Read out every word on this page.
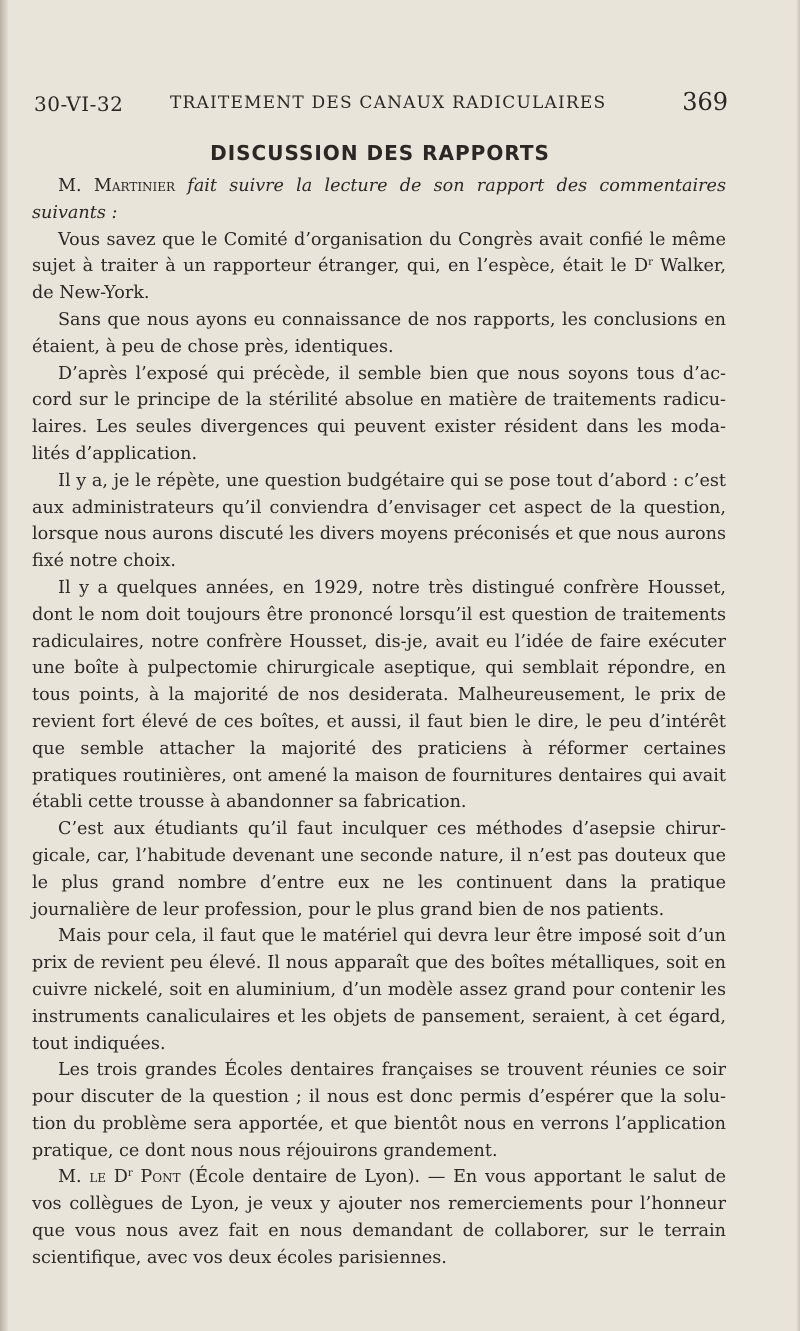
30-VI-32	TRAITEMENT DES CANAUX RADICULAIRES	369
DISCUSSION DES RAPPORTS

M. Martinier fait suivre la lecture de son rapport des commentaires suivants :

Vous savez que le Comité d’organisation du Congrès avait confié le même sujet à traiter à un rapporteur étranger, qui, en l’espèce, était le $D^r$ Walker, de New-York.

Sans que nous ayons eu connaissance de nos rapports, les conclusions en étaient, à peu de chose près, identiques.

D’après l’exposé qui précède, il semble bien que nous soyons tous d’accord sur le principe de la stérilité absolue en matière de traitements radiculaires. Les seules divergences qui peuvent exister résident dans les modalités d’application.

Il y a, je le répète, une question budgétaire qui se pose tout d’abord : c’est aux administrateurs qu’il conviendra d’envisager cet aspect de la question, lorsque nous aurons discuté les divers moyens préconisés et que nous aurons fixé notre choix.

Il y a quelques années, en 1929, notre très distingué confrère Housset, dont le nom doit toujours être prononcé lorsqu’il est question de traitements radiculaires, notre confrère Housset, dis-je, avait eu l’idée de faire exécuter une boîte à pulpectomie chirurgicale aseptique, qui semblait répondre, en tous points, à la majorité de nos desiderata. Malheureusement, le prix de revient fort élevé de ces boîtes, et aussi, il faut bien le dire, le peu d’intérêt que semble attacher la majorité des praticiens à réformer certaines pratiques routinières, ont amené la maison de fournitures dentaires qui avait établi cette trousse à abandonner sa fabrication.

C’est aux étudiants qu’il faut inculquer ces méthodes d’asepsie chirurgicale, car, l’habitude devenant une seconde nature, il n’est pas douteux que le plus grand nombre d’entre eux ne les continuent dans la pratique journalière de leur profession, pour le plus grand bien de nos patients.

Mais pour cela, il faut que le matériel qui devra leur être imposé soit d’un prix de revient peu élevé. Il nous apparaît que des boîtes métalliques, soit en cuivre nickelé, soit en aluminium, d’un modèle assez grand pour contenir les instruments canaliculaires et les objets de pansement, seraient, à cet égard, tout indiquées.

Les trois grandes Écoles dentaires françaises se trouvent réunies ce soir pour discuter de la question ; il nous est donc permis d’espérer que la solution du problème sera apportée, et que bientôt nous en verrons l’application pratique, ce dont nous nous réjouirons grandement.

M. le $D^r$ Pont (École dentaire de Lyon). — En vous apportant le salut de vos collègues de Lyon, je veux y ajouter nos remerciements pour l’honneur que vous nous avez fait en nous demandant de collaborer, sur le terrain scientifique, avec vos deux écoles parisiennes.
